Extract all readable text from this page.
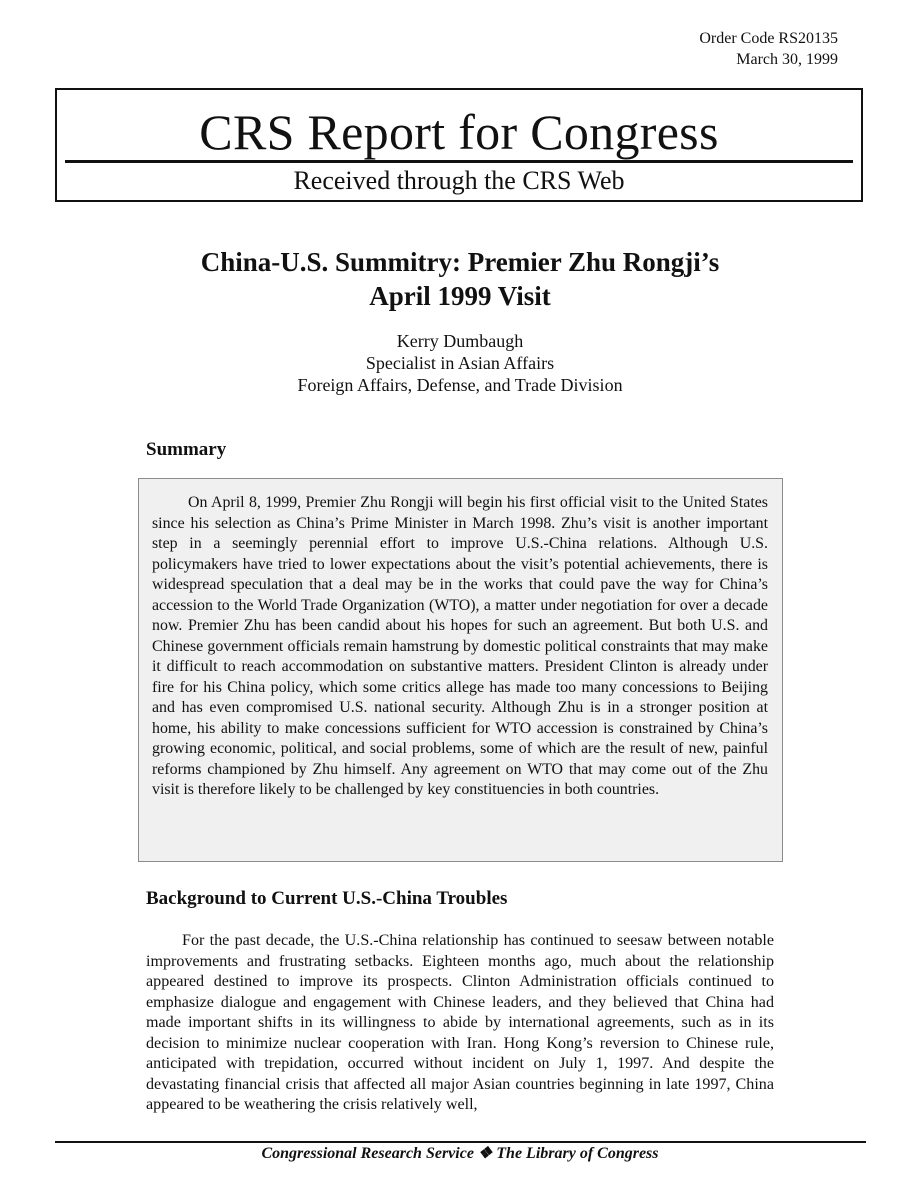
Order Code RS20135
March 30, 1999
CRS Report for Congress
Received through the CRS Web
China-U.S. Summitry: Premier Zhu Rongji’s
April 1999 Visit
Kerry Dumbaugh
Specialist in Asian Affairs
Foreign Affairs, Defense, and Trade Division
Summary

On April 8, 1999, Premier Zhu Rongji will begin his first official visit to the United States since his selection as China’s Prime Minister in March 1998. Zhu’s visit is another important step in a seemingly perennial effort to improve U.S.-China relations. Although U.S. policymakers have tried to lower expectations about the visit’s potential achievements, there is widespread speculation that a deal may be in the works that could pave the way for China’s accession to the World Trade Organization (WTO), a matter under negotiation for over a decade now. Premier Zhu has been candid about his hopes for such an agreement. But both U.S. and Chinese government officials remain hamstrung by domestic political constraints that may make it difficult to reach accommodation on substantive matters. President Clinton is already under fire for his China policy, which some critics allege has made too many concessions to Beijing and has even compromised U.S. national security. Although Zhu is in a stronger position at home, his ability to make concessions sufficient for WTO accession is constrained by China’s growing economic, political, and social problems, some of which are the result of new, painful reforms championed by Zhu himself. Any agreement on WTO that may come out of the Zhu visit is therefore likely to be challenged by key constituencies in both countries.

Background to Current U.S.-China Troubles

For the past decade, the U.S.-China relationship has continued to seesaw between notable improvements and frustrating setbacks. Eighteen months ago, much about the relationship appeared destined to improve its prospects. Clinton Administration officials continued to emphasize dialogue and engagement with Chinese leaders, and they believed that China had made important shifts in its willingness to abide by international agreements, such as in its decision to minimize nuclear cooperation with Iran. Hong Kong’s reversion to Chinese rule, anticipated with trepidation, occurred without incident on July 1, 1997. And despite the devastating financial crisis that affected all major Asian countries beginning in late 1997, China appeared to be weathering the crisis relatively well,

Congressional Research Service ❖ The Library of Congress
